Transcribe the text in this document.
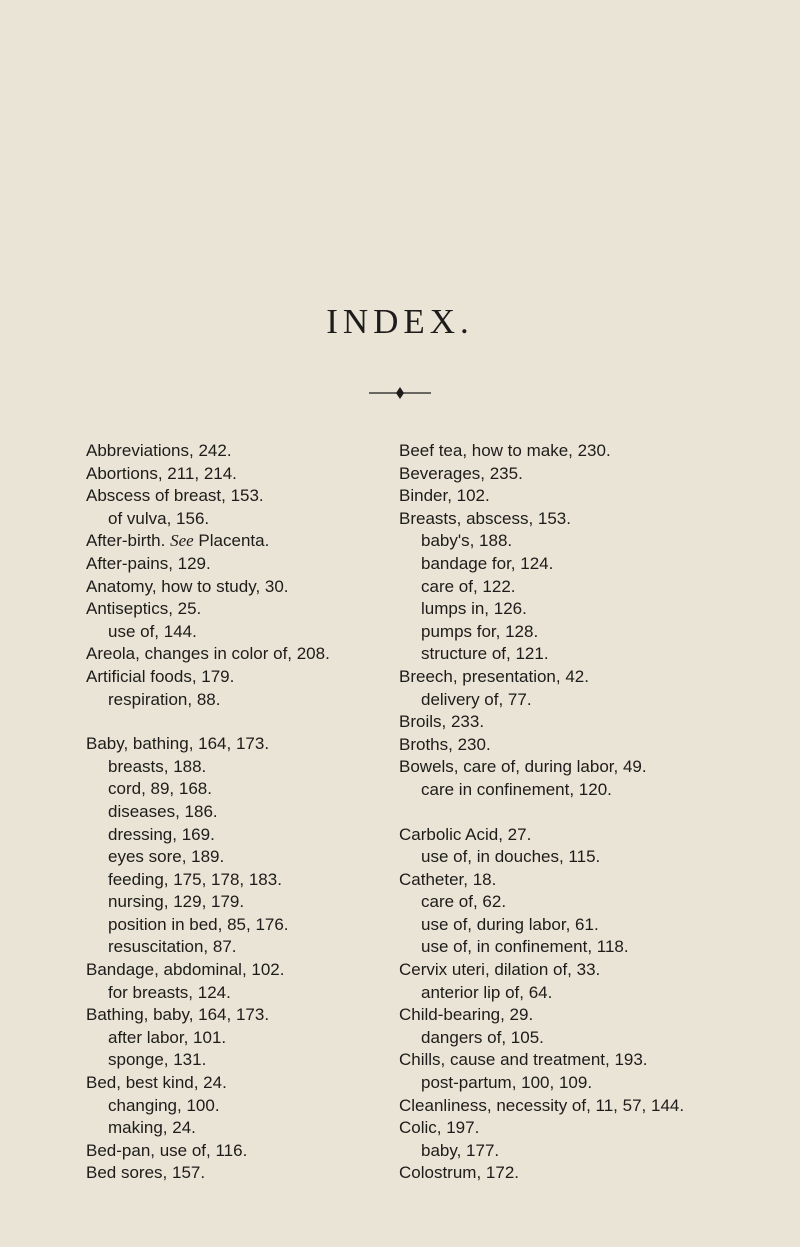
INDEX.
Abbreviations, 242.
Abortions, 211, 214.
Abscess of breast, 153.
of vulva, 156.
After-birth. See Placenta.
After-pains, 129.
Anatomy, how to study, 30.
Antiseptics, 25.
use of, 144.
Areola, changes in color of, 208.
Artificial foods, 179.
respiration, 88.
Baby, bathing, 164, 173.
breasts, 188.
cord, 89, 168.
diseases, 186.
dressing, 169.
eyes sore, 189.
feeding, 175, 178, 183.
nursing, 129, 179.
position in bed, 85, 176.
resuscitation, 87.
Bandage, abdominal, 102.
for breasts, 124.
Bathing, baby, 164, 173.
after labor, 101.
sponge, 131.
Bed, best kind, 24.
changing, 100.
making, 24.
Bed-pan, use of, 116.
Bed sores, 157.
Beef tea, how to make, 230.
Beverages, 235.
Binder, 102.
Breasts, abscess, 153.
baby's, 188.
bandage for, 124.
care of, 122.
lumps in, 126.
pumps for, 128.
structure of, 121.
Breech, presentation, 42.
delivery of, 77.
Broils, 233.
Broths, 230.
Bowels, care of, during labor, 49.
care in confinement, 120.
Carbolic Acid, 27.
use of, in douches, 115.
Catheter, 18.
care of, 62.
use of, during labor, 61.
use of, in confinement, 118.
Cervix uteri, dilation of, 33.
anterior lip of, 64.
Child-bearing, 29.
dangers of, 105.
Chills, cause and treatment, 193.
post-partum, 100, 109.
Cleanliness, necessity of, 11, 57, 144.
Colic, 197.
baby, 177.
Colostrum, 172.
